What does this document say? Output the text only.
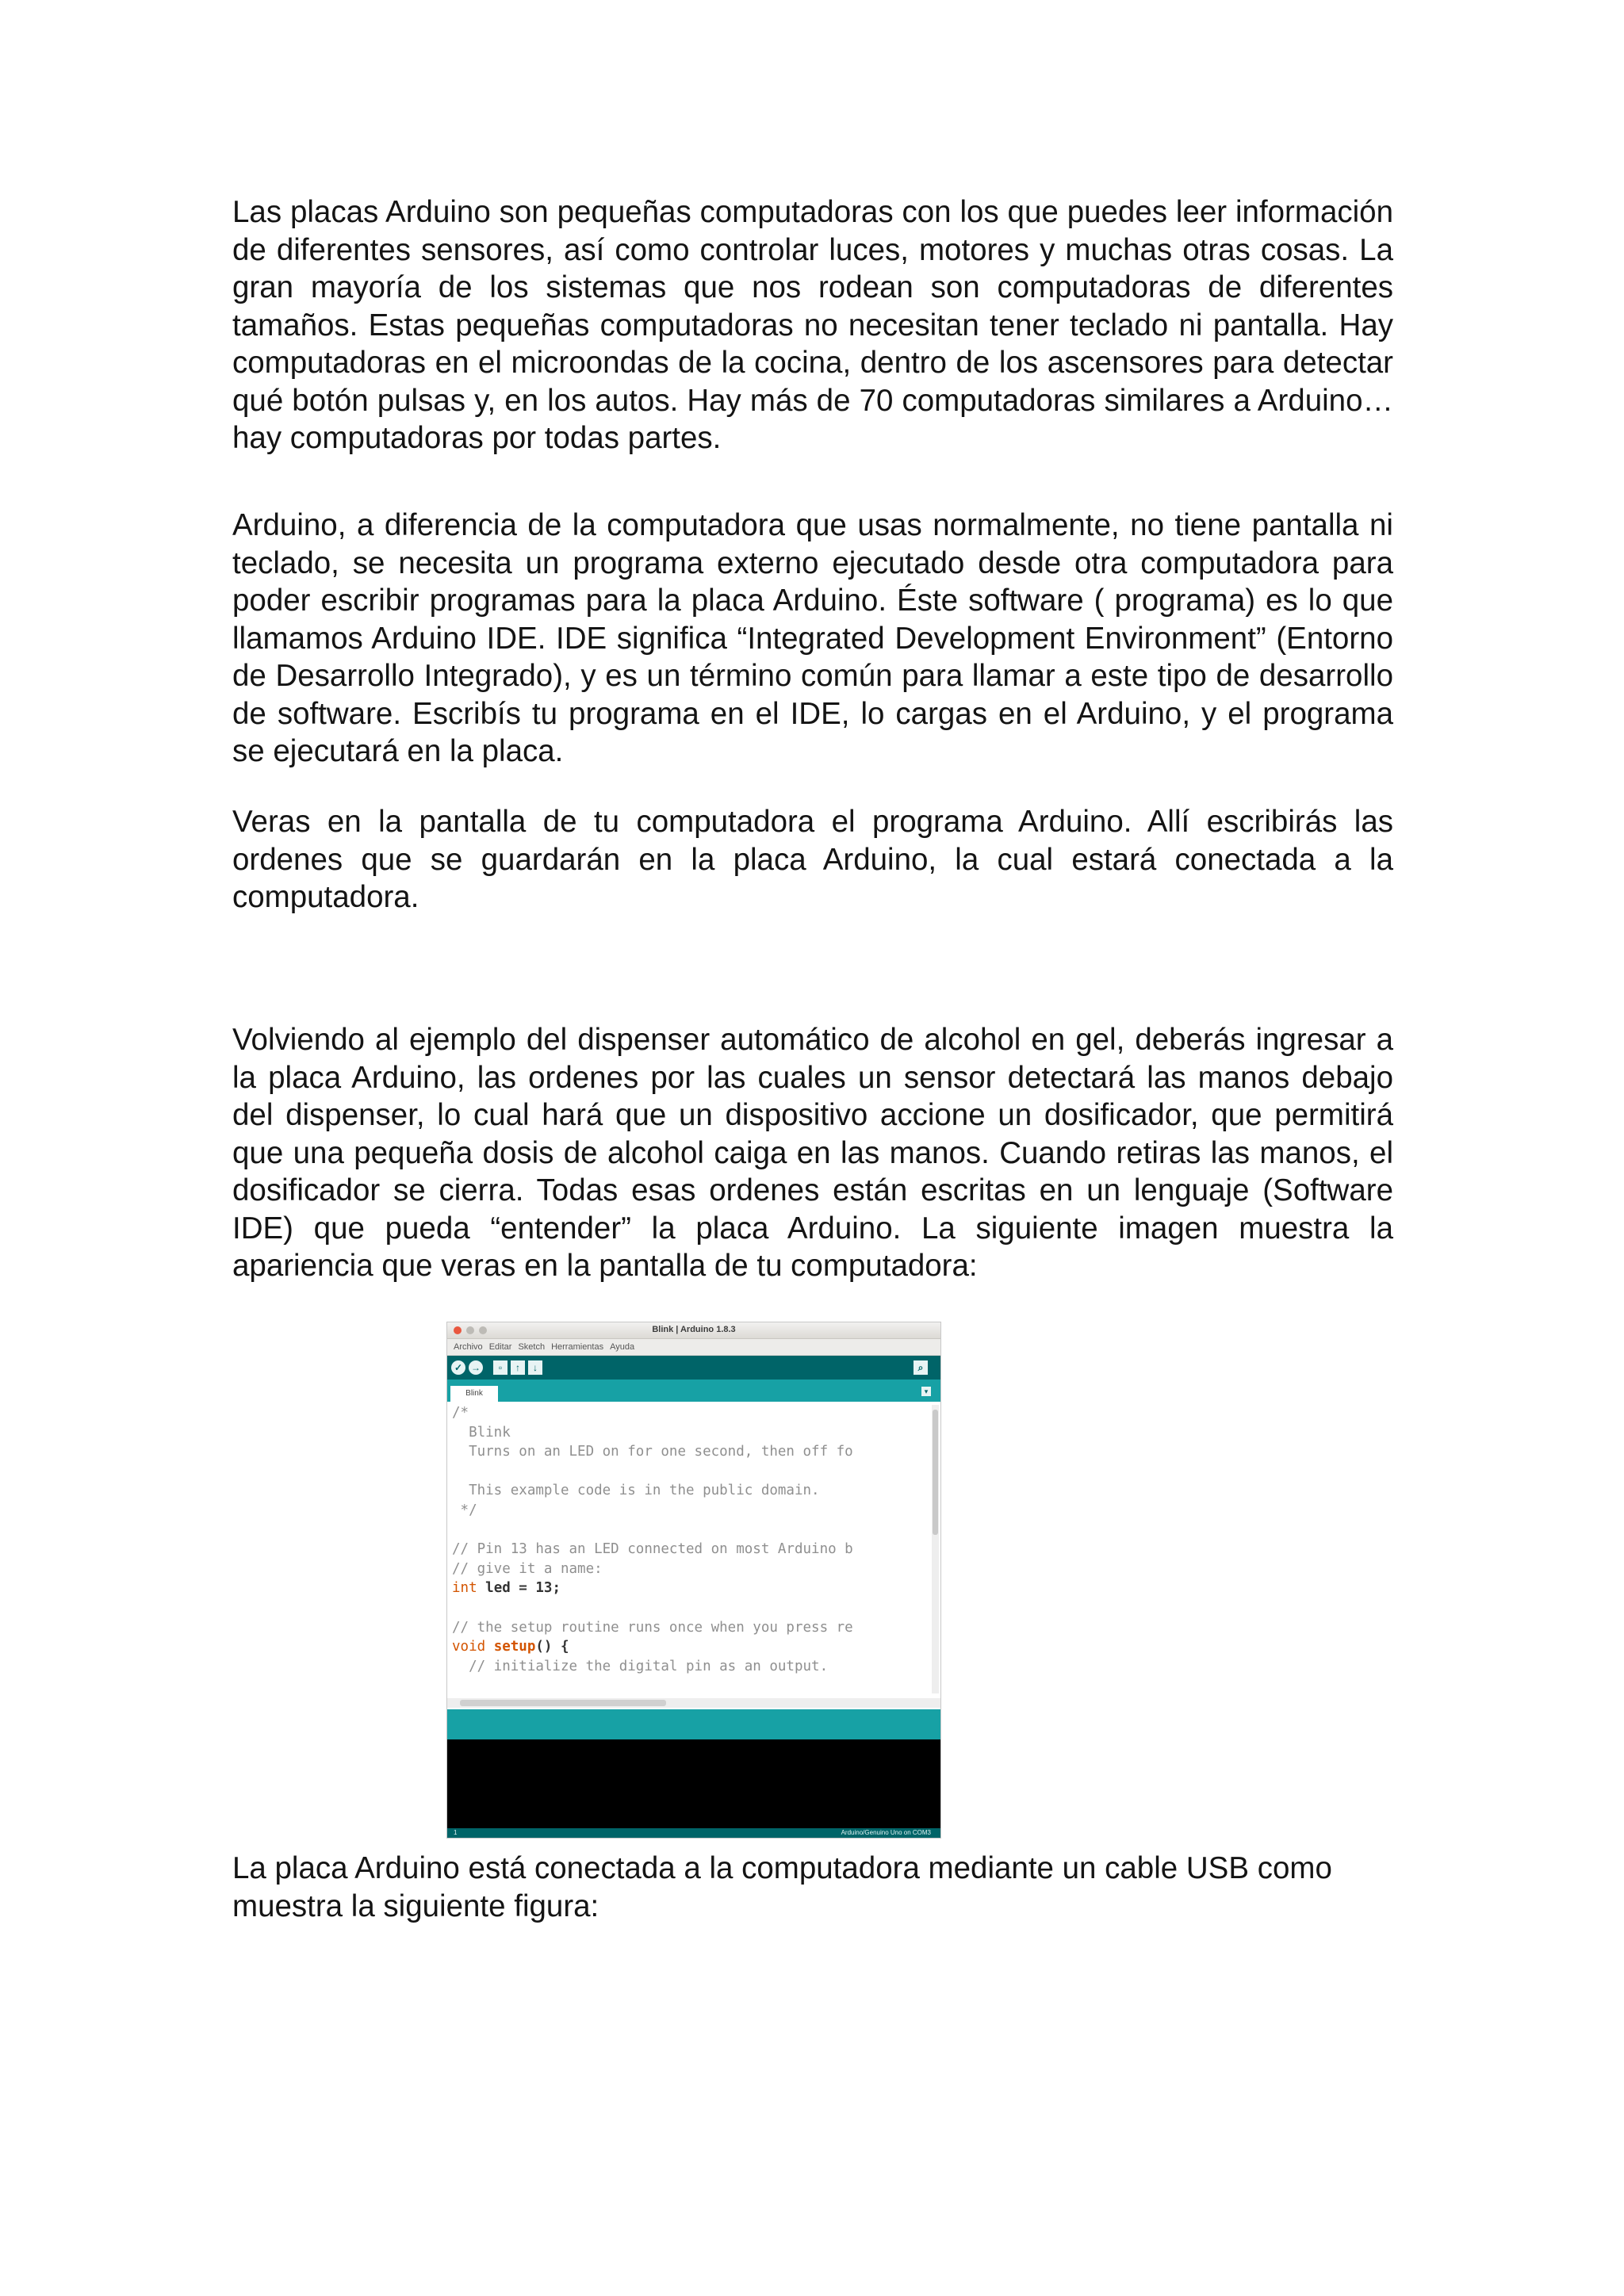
Las placas Arduino son pequeñas computadoras con los que puedes leer información de diferentes sensores, así como controlar luces, motores y muchas otras cosas. La gran mayoría de los sistemas que nos rodean son computadoras de diferentes tamaños. Estas pequeñas computadoras no necesitan tener teclado ni pantalla. Hay computadoras en el microondas de la cocina, dentro de los ascensores para detectar qué botón pulsas y, en los autos. Hay más de 70 computadoras similares a Arduino… hay computadoras por todas partes.

Arduino, a diferencia de la computadora que usas normalmente, no tiene pantalla ni teclado, se necesita un programa externo ejecutado desde otra computadora para poder escribir programas para la placa Arduino. Éste software ( programa) es lo que llamamos Arduino IDE. IDE significa “Integrated Development Environment” (Entorno de Desarrollo Integrado), y es un término común para llamar a este tipo de desarrollo de software. Escribís tu programa en el IDE, lo cargas en el Arduino, y el programa se ejecutará en la placa.

Veras en la pantalla de tu computadora el programa Arduino. Allí escribirás las ordenes que se guardarán en la placa Arduino, la cual estará conectada a la computadora.

Volviendo al ejemplo del dispenser automático de alcohol en gel, deberás ingresar a la placa Arduino, las ordenes por las cuales un sensor detectará las manos debajo del dispenser, lo cual hará que un dispositivo accione un dosificador, que permitirá que una pequeña dosis de alcohol caiga en las manos. Cuando retiras las manos, el dosificador se cierra. Todas esas ordenes están escritas en un lenguaje (Software IDE) que pueda “entender” la placa Arduino. La siguiente imagen muestra la apariencia que veras en la pantalla de tu computadora:

La placa Arduino está conectada a la computadora mediante un cable USB como muestra la siguiente figura:

Blink | Arduino 1.8.3
Archivo Editar Sketch Herramientas Ayuda
✓ →	▫	↑	↓	⌕
Blink	▾
/*
Blink
Turns on an LED on for one second, then off fo

This example code is in the public domain.
*/

// Pin 13 has an LED connected on most Arduino b
// give it a name:
int led = 13;

// the setup routine runs once when you press re
void setup() {
// initialize the digital pin as an output.
1	Arduino/Genuino Uno on COM3
